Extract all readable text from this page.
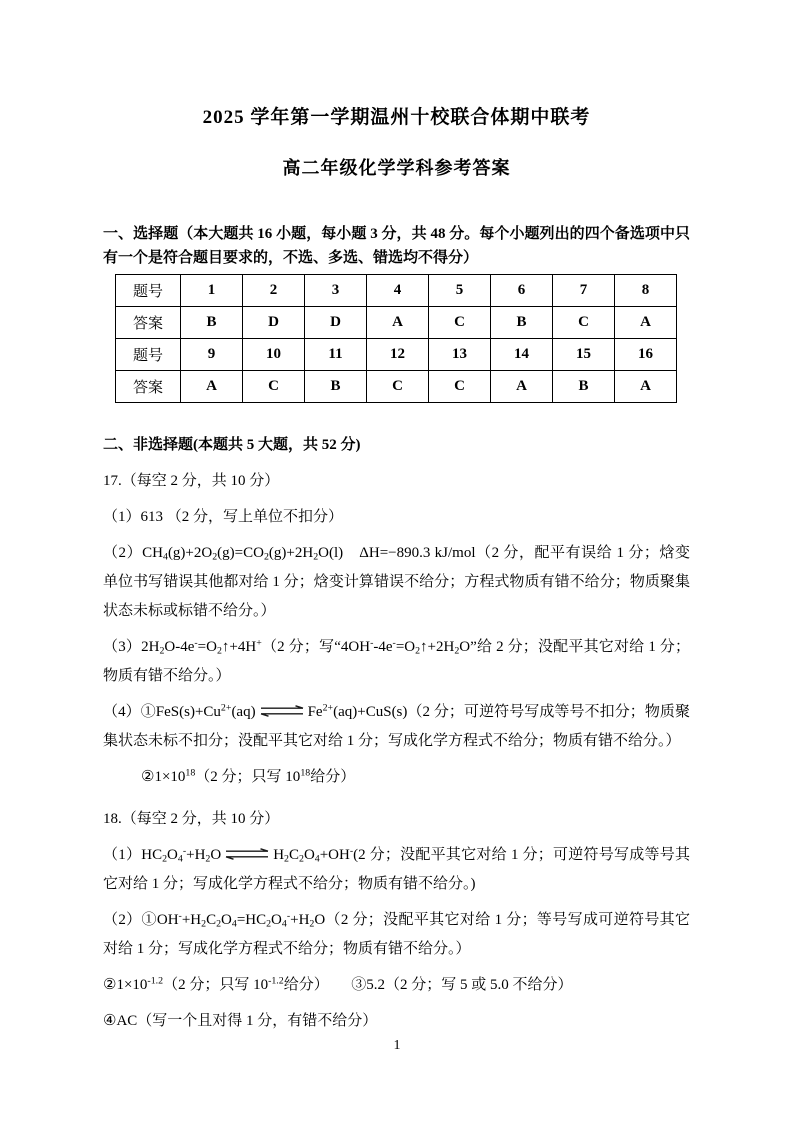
2025 学年第一学期温州十校联合体期中联考
高二年级化学学科参考答案
一、选择题（本大题共 16 小题，每小题 3 分，共 48 分。每个小题列出的四个备选项中只有一个是符合题目要求的，不选、多选、错选均不得分）
题号	1	2	3	4	5	6	7	8
答案	B	D	D	A	C	B	C	A
题号	9	10	11	12	13	14	15	16
答案	A	C	B	C	C	A	B	A
二、非选择题(本题共 5 大题，共 52 分)
17.（每空 2 分，共 10 分）
（1）613 （2 分，写上单位不扣分）
$(2)CH_4(g)+2O_2(g)=CO_2(g)+2H_2O(l)$　ΔH=−890.3 kJ/mol（2 分，配平有误给 1 分；焓变单位书写错误其他都对给 1 分；焓变计算错误不给分；方程式物质有错不给分；物质聚集状态未标或标错不给分。）
$(3)2H_2O-4e^-=O_2↑+4H^+(2$ 分；写“$4OH^--4e^-=O_2↑+2H_2O$”给 2 分；没配平其它对给 1 分；物质有错不给分。）
$(4)①FeS(s)+Cu^{2+}(aq)$ ⇌ $Fe^{2+}(aq)+CuS(s)(2$ 分；可逆符号写成等号不扣分；物质聚集状态未标不扣分；没配平其它对给 1 分；写成化学方程式不给分；物质有错不给分。）
$②1\times 10^{18}(2$ 分；只写 $10^{18}$给分）
18.（每空 2 分，共 10 分）
$(1)HC_2O_4^-+H_2O$ ⇌ $H_2C_2O_4+OH^-(2$ 分；没配平其它对给 1 分；可逆符号写成等号其它对给 1 分；写成化学方程式不给分；物质有错不给分。)
$(2)①OH^-+H_2C_2O_4=HC_2O_4^-+H_2O(2$ 分；没配平其它对给 1 分；等号写成可逆符号其它对给 1 分；写成化学方程式不给分；物质有错不给分。）
$②1\times 10^{-1.2}(2$ 分；只写 $10^{-1.2}$给分）　　③5.2（2 分；写 5 或 5.0 不给分）
④AC（写一个且对得 1 分，有错不给分）
1
